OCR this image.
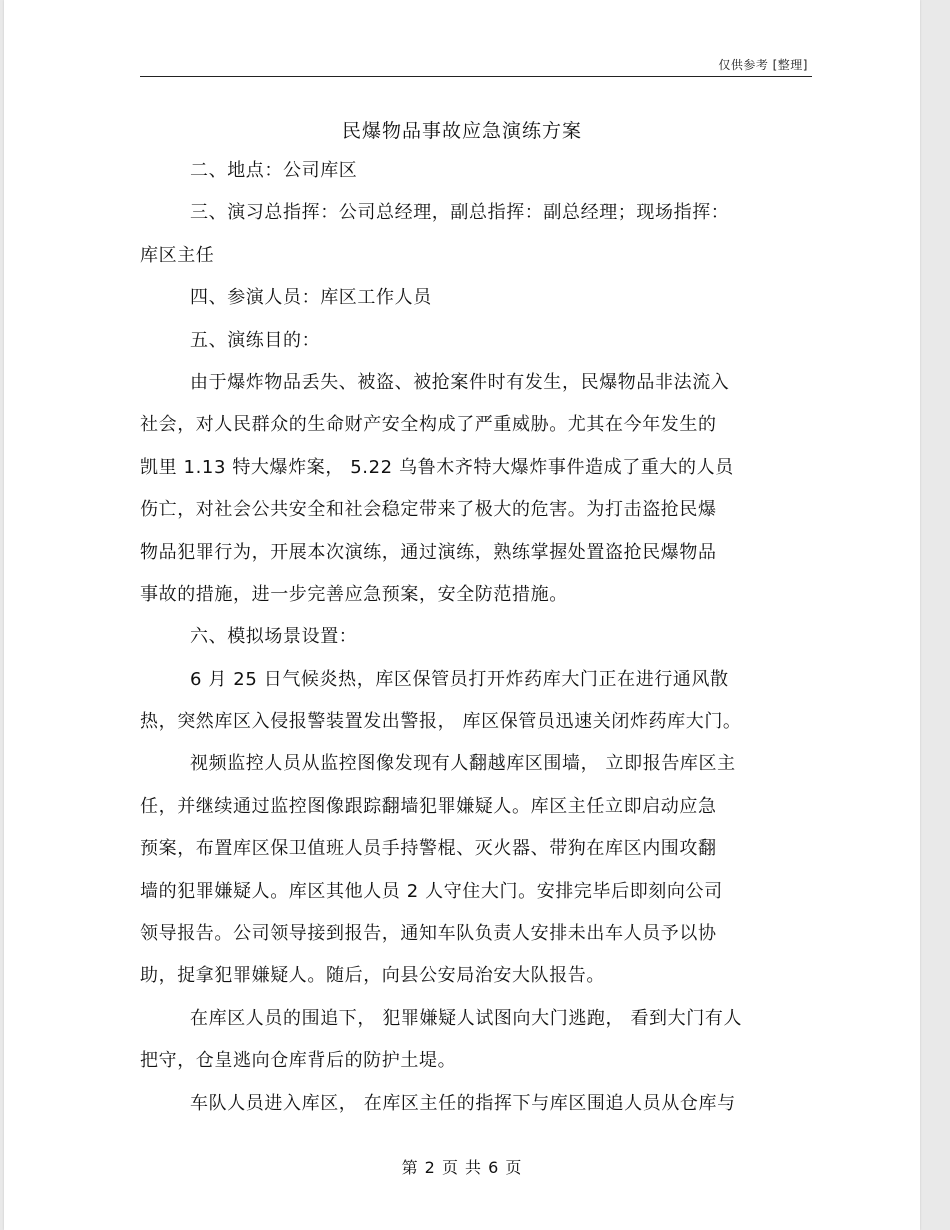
仅供参考 [整理]
民爆物品事故应急演练方案
二、地点：公司库区
三、演习总指挥：公司总经理，副总指挥：副总经理；现场指挥：
库区主任
四、参演人员：库区工作人员
五、演练目的：
由于爆炸物品丢失、被盗、被抢案件时有发生，民爆物品非法流入
社会，对人民群众的生命财产安全构成了严重威胁。尤其在今年发生的
凯里 1.13 特大爆炸案， 5.22 乌鲁木齐特大爆炸事件造成了重大的人员
伤亡，对社会公共安全和社会稳定带来了极大的危害。为打击盗抢民爆
物品犯罪行为，开展本次演练，通过演练，熟练掌握处置盗抢民爆物品
事故的措施，进一步完善应急预案，安全防范措施。
六、模拟场景设置：
6 月 25 日气候炎热，库区保管员打开炸药库大门正在进行通风散
热，突然库区入侵报警装置发出警报， 库区保管员迅速关闭炸药库大门。
视频监控人员从监控图像发现有人翻越库区围墙， 立即报告库区主
任，并继续通过监控图像跟踪翻墙犯罪嫌疑人。库区主任立即启动应急
预案，布置库区保卫值班人员手持警棍、灭火器、带狗在库区内围攻翻
墙的犯罪嫌疑人。库区其他人员 2 人守住大门。安排完毕后即刻向公司
领导报告。公司领导接到报告，通知车队负责人安排未出车人员予以协
助，捉拿犯罪嫌疑人。随后，向县公安局治安大队报告。
在库区人员的围追下， 犯罪嫌疑人试图向大门逃跑， 看到大门有人
把守，仓皇逃向仓库背后的防护土堤。
车队人员进入库区， 在库区主任的指挥下与库区围追人员从仓库与
第 2 页 共 6 页
